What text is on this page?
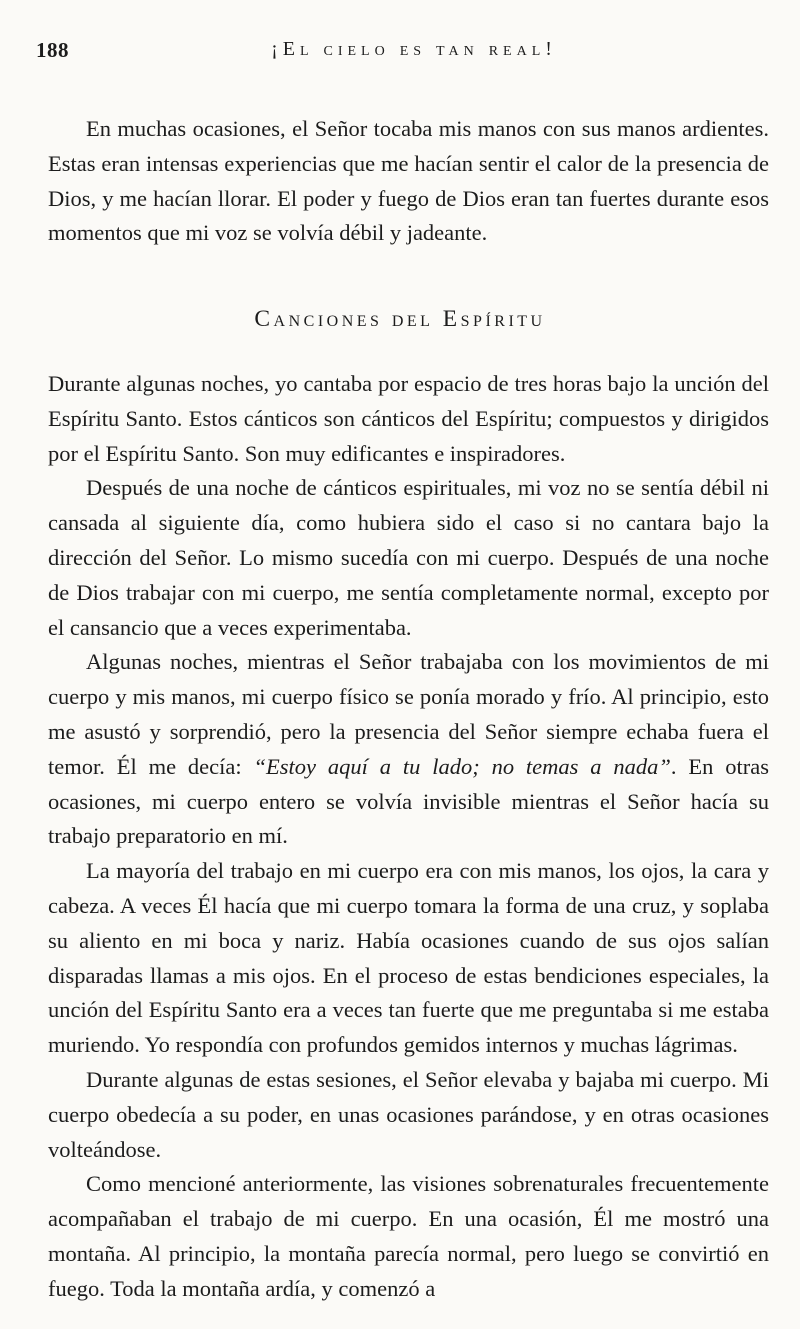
188	¡El cielo es tan real!

En muchas ocasiones, el Señor tocaba mis manos con sus manos ardientes. Estas eran intensas experiencias que me hacían sentir el calor de la presencia de Dios, y me hacían llorar. El poder y fuego de Dios eran tan fuertes durante esos momentos que mi voz se volvía débil y jadeante.

Canciones del Espíritu

Durante algunas noches, yo cantaba por espacio de tres horas bajo la unción del Espíritu Santo. Estos cánticos son cánticos del Espíritu; compuestos y dirigidos por el Espíritu Santo. Son muy edificantes e inspiradores.

Después de una noche de cánticos espirituales, mi voz no se sentía débil ni cansada al siguiente día, como hubiera sido el caso si no cantara bajo la dirección del Señor. Lo mismo sucedía con mi cuerpo. Después de una noche de Dios trabajar con mi cuerpo, me sentía completamente normal, excepto por el cansancio que a veces experimentaba.

Algunas noches, mientras el Señor trabajaba con los movimientos de mi cuerpo y mis manos, mi cuerpo físico se ponía morado y frío. Al principio, esto me asustó y sorprendió, pero la presencia del Señor siempre echaba fuera el temor. Él me decía: “Estoy aquí a tu lado; no temas a nada”. En otras ocasiones, mi cuerpo entero se volvía invisible mientras el Señor hacía su trabajo preparatorio en mí.

La mayoría del trabajo en mi cuerpo era con mis manos, los ojos, la cara y cabeza. A veces Él hacía que mi cuerpo tomara la forma de una cruz, y soplaba su aliento en mi boca y nariz. Había ocasiones cuando de sus ojos salían disparadas llamas a mis ojos. En el proceso de estas bendiciones especiales, la unción del Espíritu Santo era a veces tan fuerte que me preguntaba si me estaba muriendo. Yo respondía con profundos gemidos internos y muchas lágrimas.

Durante algunas de estas sesiones, el Señor elevaba y bajaba mi cuerpo. Mi cuerpo obedecía a su poder, en unas ocasiones parándose, y en otras ocasiones volteándose.

Como mencioné anteriormente, las visiones sobrenaturales frecuentemente acompañaban el trabajo de mi cuerpo. En una ocasión, Él me mostró una montaña. Al principio, la montaña parecía normal, pero luego se convirtió en fuego. Toda la montaña ardía, y comenzó a
